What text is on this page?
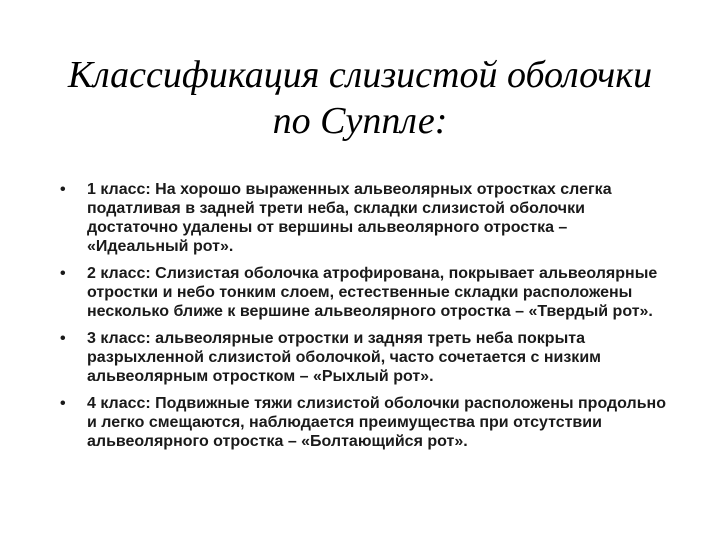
Классификация слизистой оболочки
по Суппле:
• 1 класс: На хорошо выраженных альвеолярных отростках слегка податливая в задней трети неба, складки слизистой оболочки достаточно удалены от вершины альвеолярного отростка – «Идеальный рот».
• 2 класс: Слизистая оболочка атрофирована, покрывает альвеолярные отростки и небо тонким слоем, естественные складки расположены несколько ближе к вершине альвеолярного отростка – «Твердый рот».
• 3 класс: альвеолярные отростки и задняя треть неба покрыта разрыхленной слизистой оболочкой, часто сочетается с низким альвеолярным отростком – «Рыхлый рот».
• 4 класс: Подвижные тяжи слизистой оболочки расположены продольно и легко смещаются, наблюдается преимущества при отсутствии альвеолярного отростка – «Болтающийся рот».
